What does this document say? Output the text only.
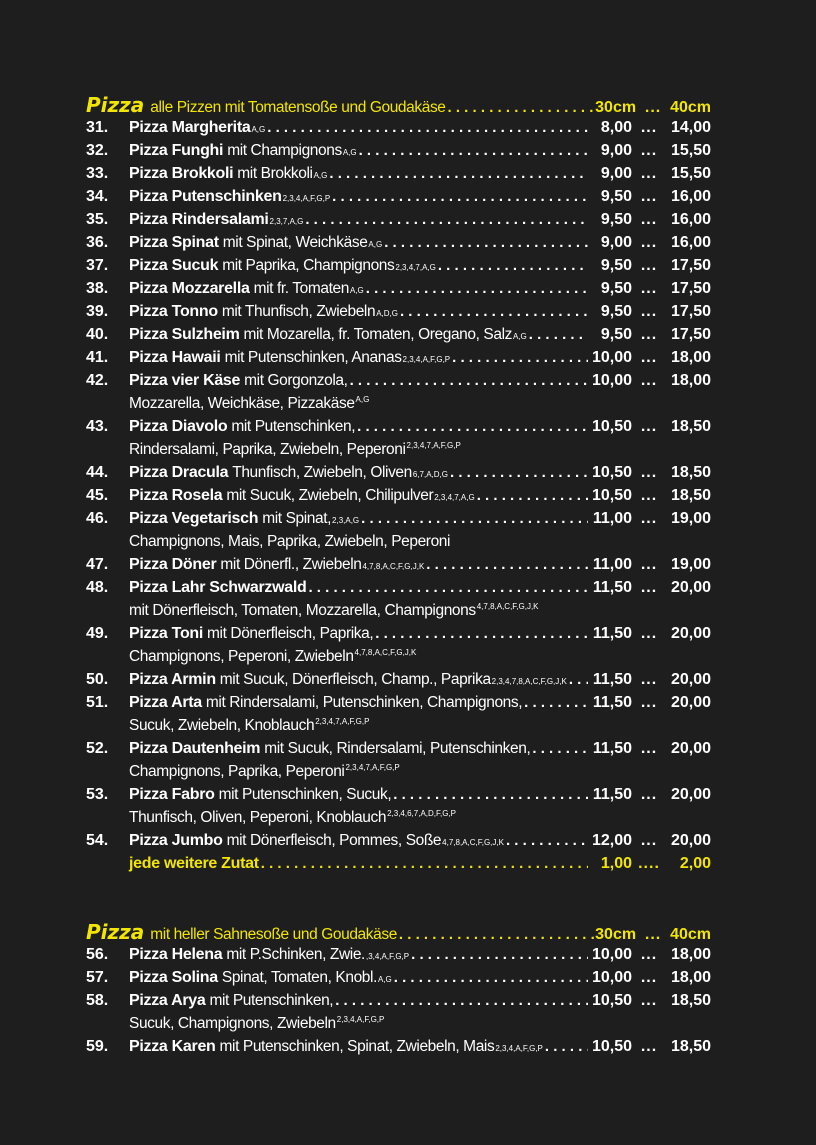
Pizza alle Pizzen mit Tomatensoße und Goudakäse . . .	30cm ... 40cm
31.	Pizza Margherita A,G . . .	8,00 ... 14,00
32.	Pizza Funghi mit Champignons A,G . . .	9,00 ... 15,50
33.	Pizza Brokkoli mit Brokkoli A,G . . .	9,00 ... 15,50
34.	Pizza Putenschinken 2,3,4,A,F,G,P . . .	9,50 ... 16,00
35.	Pizza Rindersalami 2,3,7,A,G . . .	9,50 ... 16,00
36.	Pizza Spinat mit Spinat, Weichkäse A,G . . .	9,00 ... 16,00
37.	Pizza Sucuk mit Paprika, Champignons 2,3,4,7,A,G . . .	9,50 ... 17,50
38.	Pizza Mozzarella mit fr. Tomaten A,G . . .	9,50 ... 17,50
39.	Pizza Tonno mit Thunfisch, Zwiebeln A,D,G . . .	9,50 ... 17,50
40.	Pizza Sulzheim mit Mozarella, fr. Tomaten, Oregano, Salz A,G . . .	9,50 ... 17,50
41.	Pizza Hawaii mit Putenschinken, Ananas 2,3,4,A,F,G,P . . .	10,00 ... 18,00
42.	Pizza vier Käse mit Gorgonzola, . . .	10,00 ... 18,00
Mozzarella, Weichkäse, Pizzakäse$^{A,G}$
43.	Pizza Diavolo mit Putenschinken, . . .	10,50 ... 18,50
Rindersalami, Paprika, Zwiebeln, Peperoni$^{2,3,4,7,A,F,G,P}$
44.	Pizza Dracula Thunfisch, Zwiebeln, Oliven 6,7,A,D,G . . .	10,50 ... 18,50
45.	Pizza Rosela mit Sucuk, Zwiebeln, Chilipulver 2,3,4,7,A,G . . .	10,50 ... 18,50
46.	Pizza Vegetarisch mit Spinat, 2,3,A,G . . .	11,00 ... 19,00
Champignons, Mais, Paprika, Zwiebeln, Peperoni
47.	Pizza Döner mit Dönerfl., Zwiebeln 4,7,8,A,C,F,G,J,K . . .	11,00 ... 19,00
48.	Pizza Lahr Schwarzwald . . .	11,50 ... 20,00
mit Dönerfleisch, Tomaten, Mozzarella, Champignons$^{4,7,8,A,C,F,G,J,K}$
49.	Pizza Toni mit Dönerfleisch, Paprika, . . .	11,50 ... 20,00
Champignons, Peperoni, Zwiebeln$^{4,7,8,A,C,F,G,J,K}$
50.	Pizza Armin mit Sucuk, Dönerfleisch, Champ., Paprika 2,3,4,7,8,A,C,F,G,J,K . . .	11,50 ... 20,00
51.	Pizza Arta mit Rindersalami, Putenschinken, Champignons, . . .	11,50 ... 20,00
Sucuk, Zwiebeln, Knoblauch$^{2,3,4,7,A,F,G,P}$
52.	Pizza Dautenheim mit Sucuk, Rindersalami, Putenschinken, . . .	11,50 ... 20,00
Champignons, Paprika, Peperoni$^{2,3,4,7,A,F,G,P}$
53.	Pizza Fabro mit Putenschinken, Sucuk, . . .	11,50 ... 20,00
Thunfisch, Oliven, Peperoni, Knoblauch$^{2,3,4,6,7,A,D,F,G,P}$
54.	Pizza Jumbo mit Dönerfleisch, Pommes, Soße 4,7,8,A,C,F,G,J,K . . .	12,00 ... 20,00
jede weitere Zutat . . .	1,00 ....	2,00
Pizza mit heller Sahnesoße und Goudakäse . . .	30cm ... 40cm
56.	Pizza Helena mit P.Schinken, Zwie. ,3,4,A,F,G,P . . .	10,00 ... 18,00
57.	Pizza Solina Spinat, Tomaten, Knobl. A,G . . .	10,00 ... 18,00
58.	Pizza Arya mit Putenschinken, . . .	10,50 ... 18,50
Sucuk, Champignons, Zwiebeln$^{2,3,4,A,F,G,P}$
59.	Pizza Karen mit Putenschinken, Spinat, Zwiebeln, Mais 2,3,4,A,F,G,P . . .	10,50 ... 18,50
